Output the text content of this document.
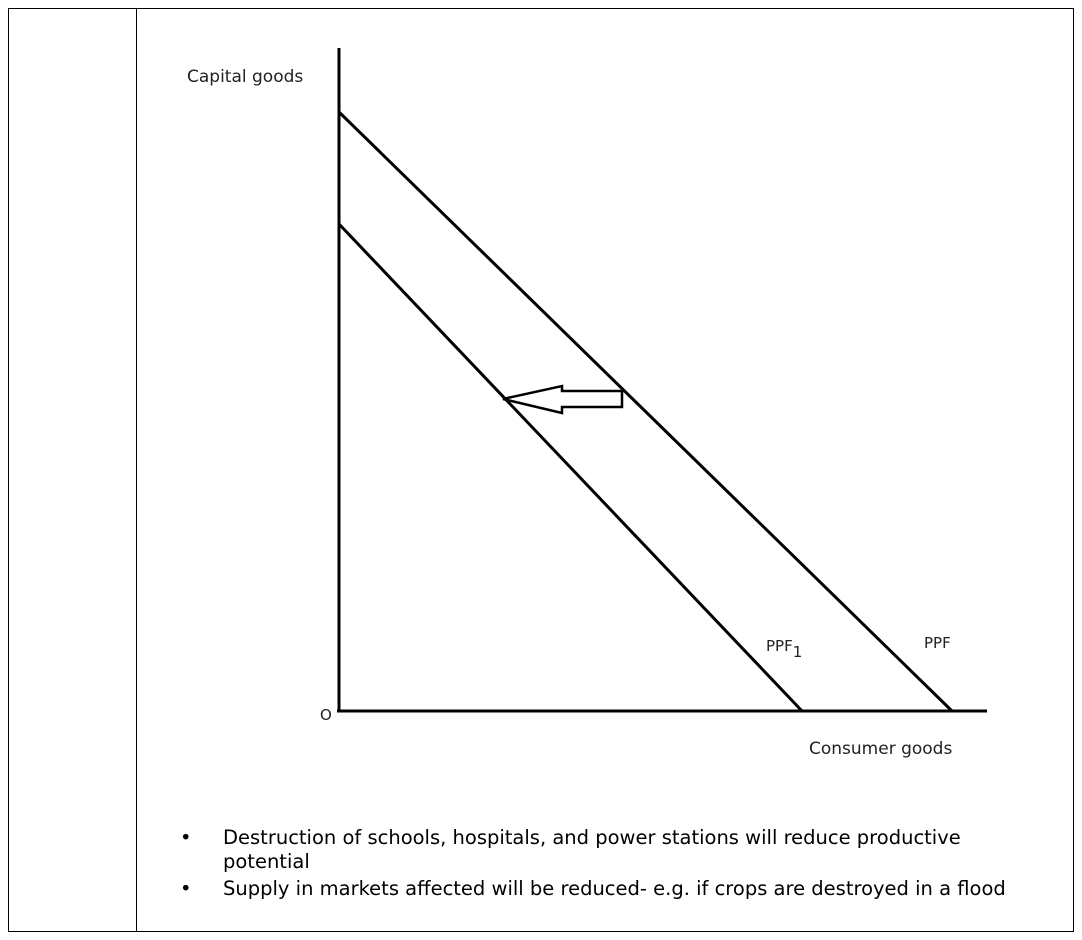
Capital goods
Consumer goods
O
PPF
PPF1
• Destruction of schools, hospitals, and power stations will reduce productive potential
• Supply in markets affected will be reduced- e.g. if crops are destroyed in a flood
